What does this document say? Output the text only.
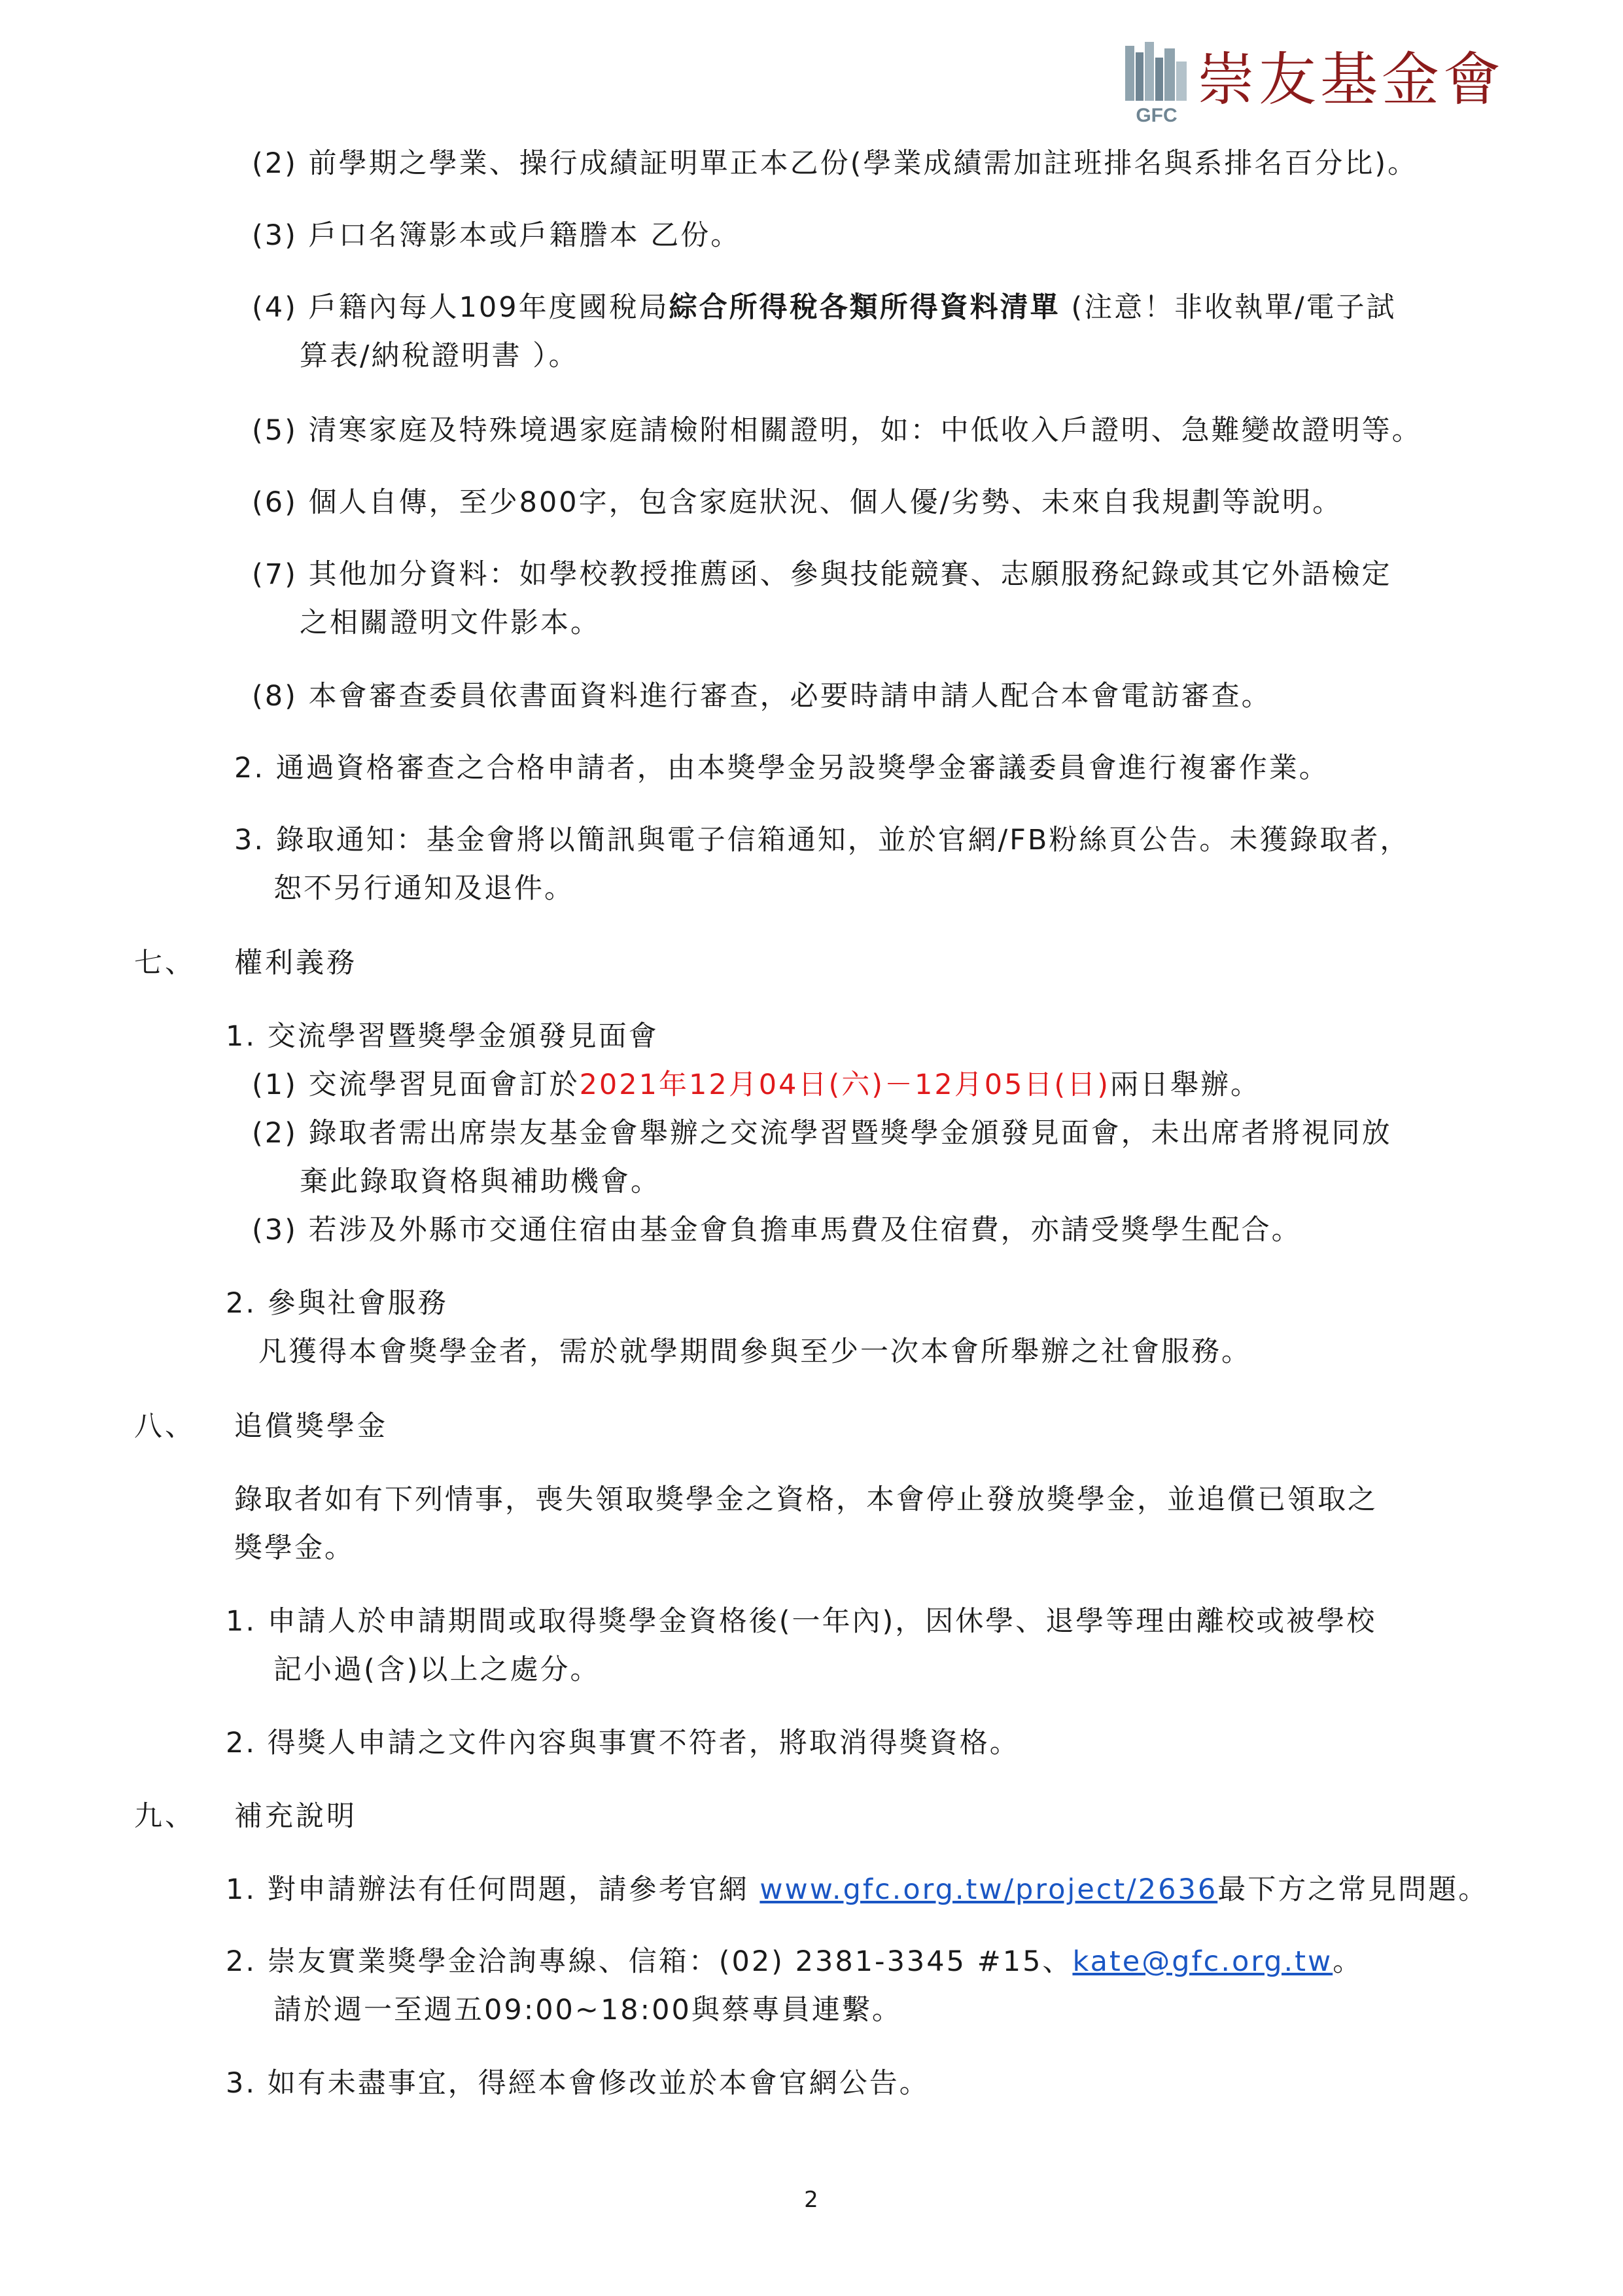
GFC
崇友基金會
(2) 前學期之學業、操行成績証明單正本乙份(學業成績需加註班排名與系排名百分比)。
(3) 戶口名簿影本或戶籍謄本 乙份。
(4) 戶籍內每人109年度國稅局綜合所得稅各類所得資料清單 (注意！非收執單/電子試
算表/納稅證明書 ）。
(5) 清寒家庭及特殊境遇家庭請檢附相關證明，如：中低收入戶證明、急難變故證明等。
(6) 個人自傳，至少800字，包含家庭狀況、個人優/劣勢、未來自我規劃等說明。
(7) 其他加分資料：如學校教授推薦函、參與技能競賽、志願服務紀錄或其它外語檢定
之相關證明文件影本。
(8) 本會審查委員依書面資料進行審查，必要時請申請人配合本會電訪審查。
2. 通過資格審查之合格申請者，由本獎學金另設獎學金審議委員會進行複審作業。
3. 錄取通知：基金會將以簡訊與電子信箱通知，並於官網/FB粉絲頁公告。未獲錄取者，
恕不另行通知及退件。
七、 權利義務
1. 交流學習暨獎學金頒發見面會
(1) 交流學習見面會訂於2021年12月04日(六)－12月05日(日)兩日舉辦。
(2) 錄取者需出席崇友基金會舉辦之交流學習暨獎學金頒發見面會，未出席者將視同放
棄此錄取資格與補助機會。
(3) 若涉及外縣市交通住宿由基金會負擔車馬費及住宿費，亦請受獎學生配合。
2. 參與社會服務
凡獲得本會獎學金者，需於就學期間參與至少一次本會所舉辦之社會服務。
八、 追償獎學金
錄取者如有下列情事，喪失領取獎學金之資格，本會停止發放獎學金，並追償已領取之
獎學金。
1. 申請人於申請期間或取得獎學金資格後(一年內)，因休學、退學等理由離校或被學校
記小過(含)以上之處分。
2. 得獎人申請之文件內容與事實不符者，將取消得獎資格。
九、 補充說明
1. 對申請辦法有任何問題，請參考官網 www.gfc.org.tw/project/2636最下方之常見問題。
2. 崇友實業獎學金洽詢專線、信箱：(02) 2381-3345 #15、kate@gfc.org.tw。
請於週一至週五09:00~18:00與蔡專員連繫。
3. 如有未盡事宜，得經本會修改並於本會官網公告。
2
